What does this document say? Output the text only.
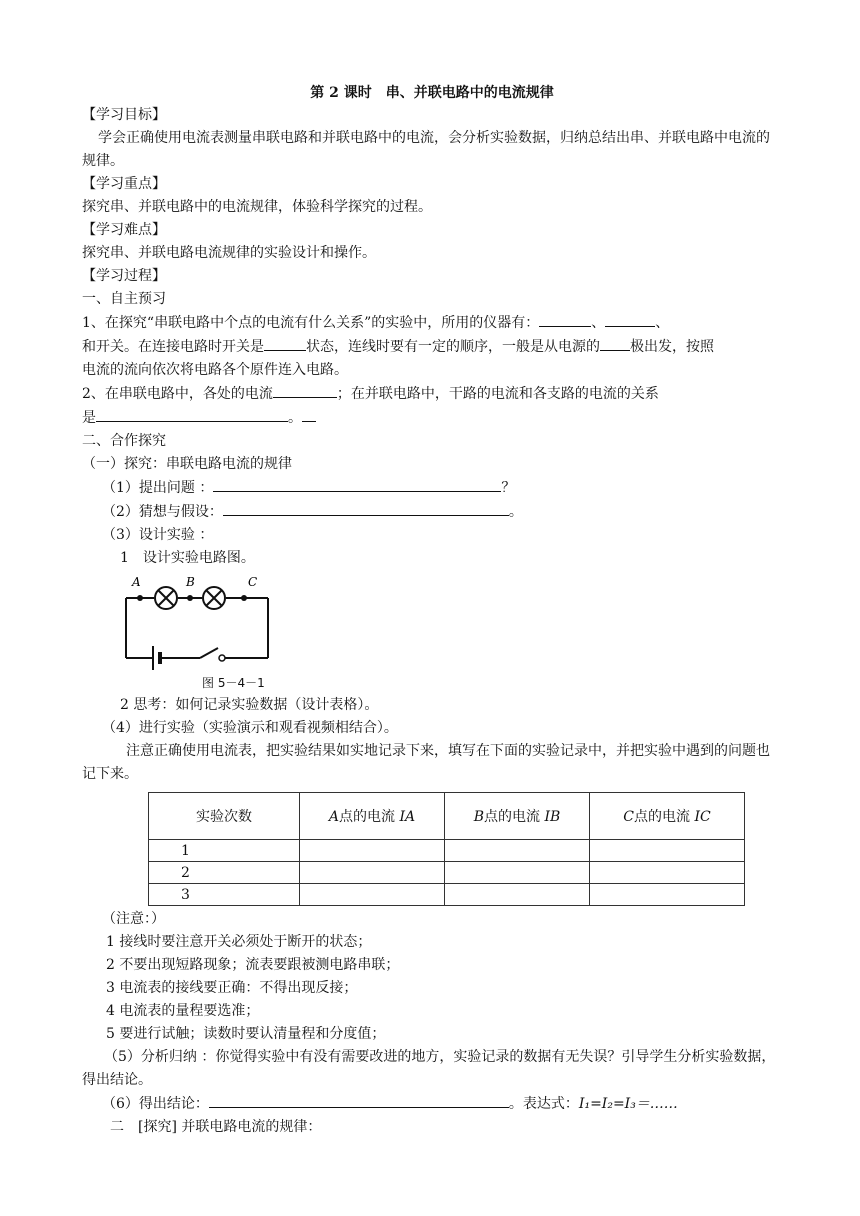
第 2 课时　串、并联电路中的电流规律
【学习目标】
学会正确使用电流表测量串联电路和并联电路中的电流，会分析实验数据，归纳总结出串、并联电路中电流的规律。
【学习重点】
探究串、并联电路中的电流规律，体验科学探究的过程。
【学习难点】
探究串、并联电路电流规律的实验设计和操作。
【学习过程】
一、自主预习
1、在探究“串联电路中个点的电流有什么关系”的实验中，所用的仪器有：	、	、
和开关。在连接电路时开关是	状态，连线时要有一定的顺序，一般是从电源的 极出发，按照
电流的流向依次将电路各个原件连入电路。
2、在串联电路中，各处的电流	；在并联电路中，干路的电流和各支路的电流的关系
是	。
二、合作探究
（一）探究：串联电路电流的规律
（1）提出问题 ：	？
（2）猜想与假设：	。
（3）设计实验 ：
1　设计实验电路图。
A	B	C
图 5－4－1
2 思考：如何记录实验数据（设计表格）。
（4）进行实验（实验演示和观看视频相结合）。
注意正确使用电流表，把实验结果如实地记录下来，填写在下面的实验记录中，并把实验中遇到的问题也记下来。
实验次数	A点的电流 IA	B点的电流 IB	C点的电流 IC
1			
2			
3			
（注意：）
1 接线时要注意开关必须处于断开的状态；
2 不要出现短路现象；流表要跟被测电路串联；
3 电流表的接线要正确：不得出现反接；
4 电流表的量程要选准；
5 要进行试触；读数时要认清量程和分度值；
（5）分析归纳 ：你觉得实验中有没有需要改进的地方，实验记录的数据有无失误？引导学生分析实验数据，得出结论。
（6）得出结论：	。表达式：I₁=I₂=I₃＝……
二　[探究] 并联电路电流的规律：
